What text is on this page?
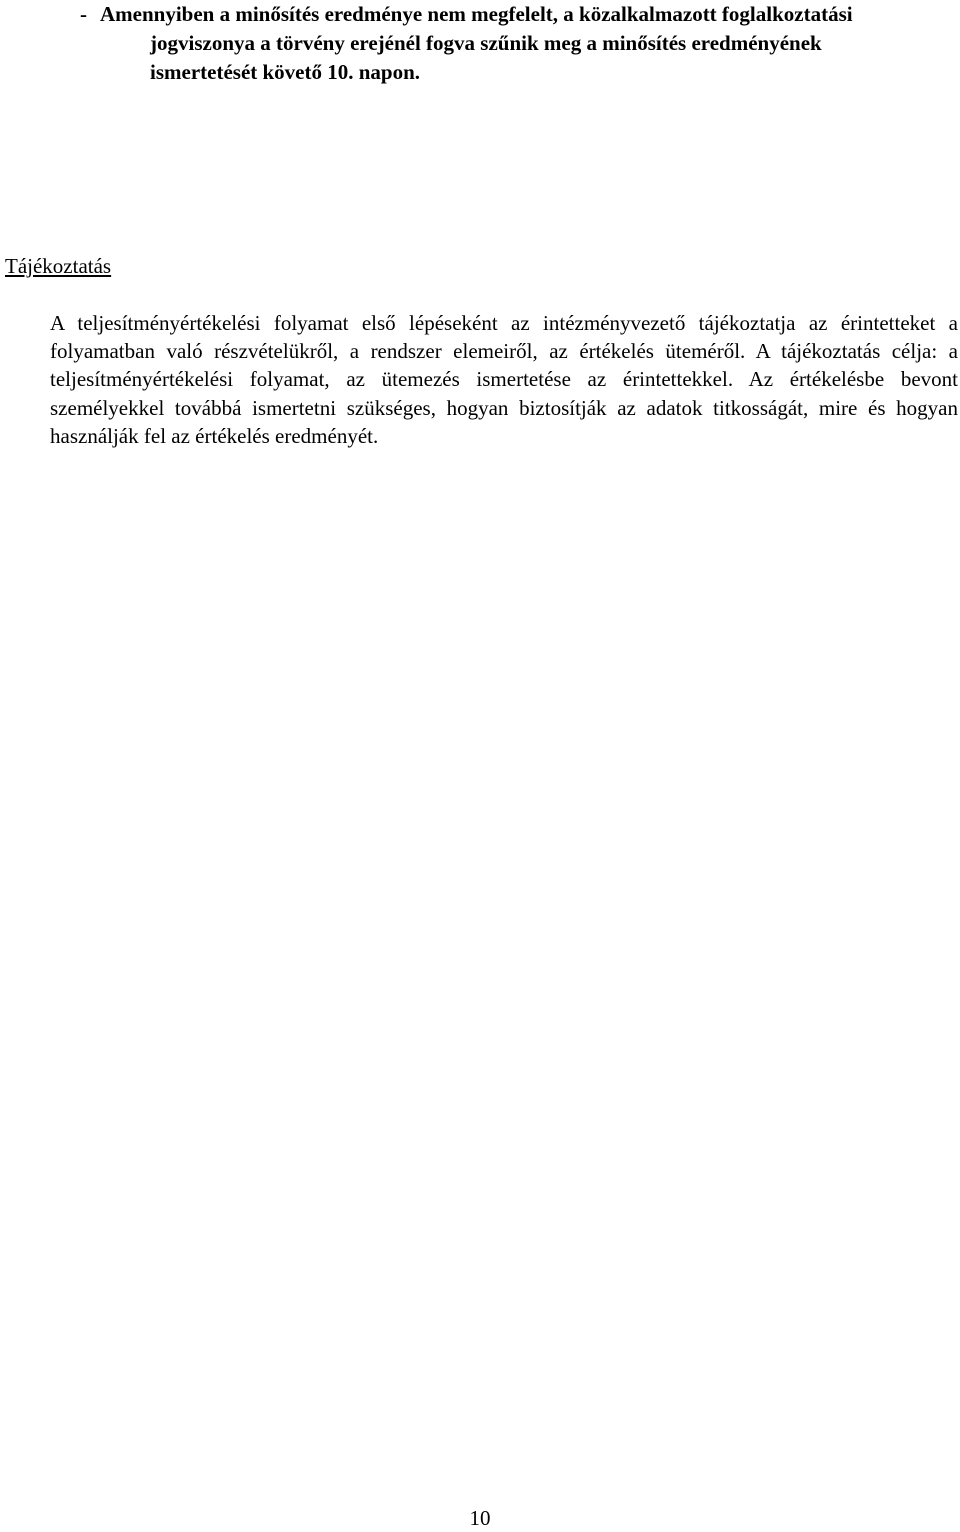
- Amennyiben a minősítés eredménye nem megfelelt, a közalkalmazott foglalkoztatási jogviszonya a törvény erejénél fogva szűnik meg a minősítés eredményének ismertetését követő 10. napon.
Tájékoztatás
A teljesítményértékelési folyamat első lépéseként az intézményvezető tájékoztatja az érintetteket a folyamatban való részvételükről, a rendszer elemeiről, az értékelés üteméről. A tájékoztatás célja: a teljesítményértékelési folyamat, az ütemezés ismertetése az érintettekkel. Az értékelésbe bevont személyekkel továbbá ismertetni szükséges, hogyan biztosítják az adatok titkosságát, mire és hogyan használják fel az értékelés eredményét.
10
